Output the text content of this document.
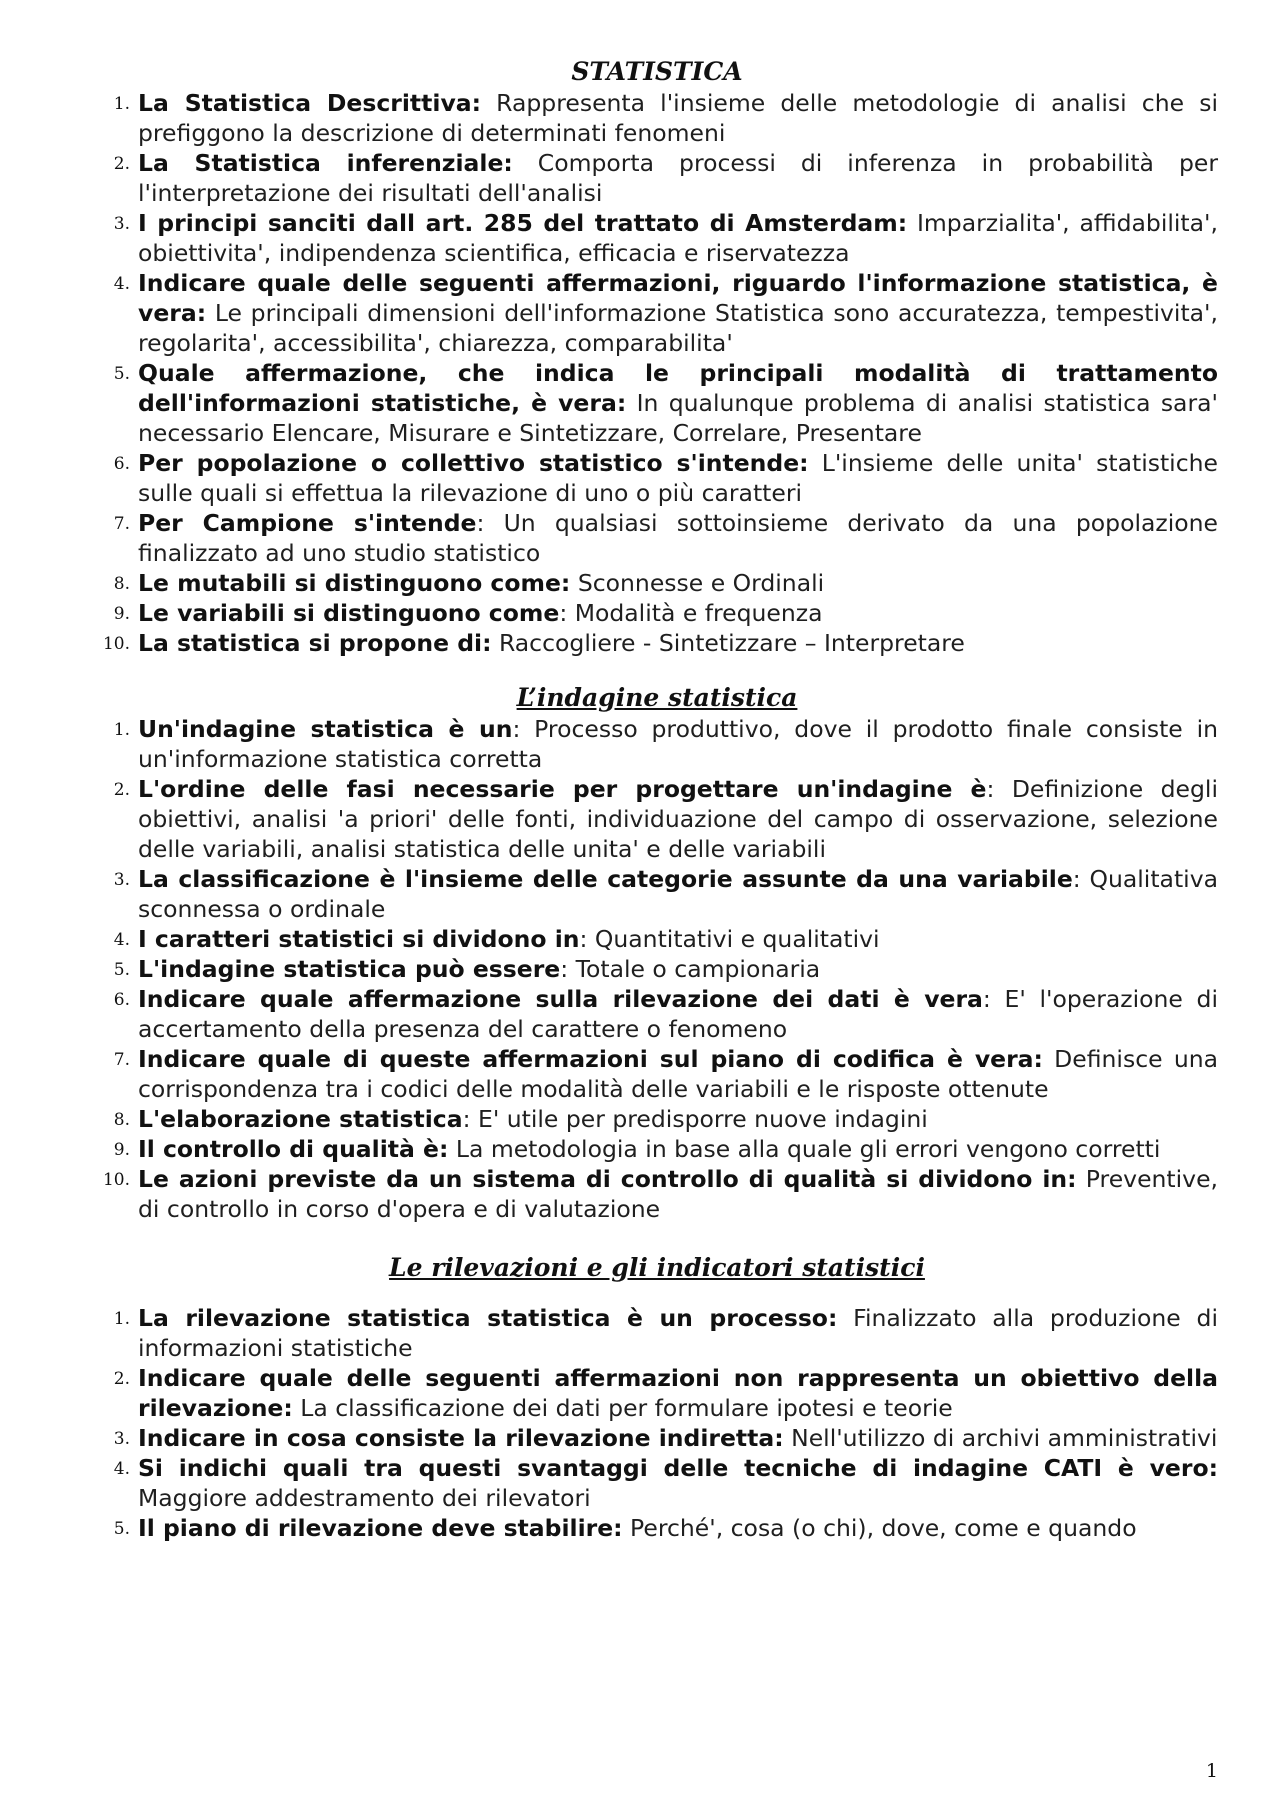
STATISTICA
1. La Statistica Descrittiva: Rappresenta l'insieme delle metodologie di analisi che si prefiggono la descrizione di determinati fenomeni
2. La Statistica inferenziale: Comporta processi di inferenza in probabilità per l'interpretazione dei risultati dell'analisi
3. I principi sanciti dall art. 285 del trattato di Amsterdam: Imparzialita', affidabilita', obiettivita', indipendenza scientifica, efficacia e riservatezza
4. Indicare quale delle seguenti affermazioni, riguardo l'informazione statistica, è vera: Le principali dimensioni dell'informazione Statistica sono accuratezza, tempestivita', regolarita', accessibilita', chiarezza, comparabilita'
5. Quale affermazione, che indica le principali modalità di trattamento dell'informazioni statistiche, è vera: In qualunque problema di analisi statistica sara' necessario Elencare, Misurare e Sintetizzare, Correlare, Presentare
6. Per popolazione o collettivo statistico s'intende: L'insieme delle unita' statistiche sulle quali si effettua la rilevazione di uno o più caratteri
7. Per Campione s'intende: Un qualsiasi sottoinsieme derivato da una popolazione finalizzato ad uno studio statistico
8. Le mutabili si distinguono come: Sconnesse e Ordinali
9. Le variabili si distinguono come: Modalità e frequenza
10. La statistica si propone di: Raccogliere - Sintetizzare – Interpretare
L’indagine statistica
1. Un'indagine statistica è un: Processo produttivo, dove il prodotto finale consiste in un'informazione statistica corretta
2. L'ordine delle fasi necessarie per progettare un'indagine è: Definizione degli obiettivi, analisi 'a priori' delle fonti, individuazione del campo di osservazione, selezione delle variabili, analisi statistica delle unita' e delle variabili
3. La classificazione è l'insieme delle categorie assunte da una variabile: Qualitativa sconnessa o ordinale
4. I caratteri statistici si dividono in: Quantitativi e qualitativi
5. L'indagine statistica può essere: Totale o campionaria
6. Indicare quale affermazione sulla rilevazione dei dati è vera: E' l'operazione di accertamento della presenza del carattere o fenomeno
7. Indicare quale di queste affermazioni sul piano di codifica è vera: Definisce una corrispondenza tra i codici delle modalità delle variabili e le risposte ottenute
8. L'elaborazione statistica: E' utile per predisporre nuove indagini
9. Il controllo di qualità è: La metodologia in base alla quale gli errori vengono corretti
10. Le azioni previste da un sistema di controllo di qualità si dividono in: Preventive, di controllo in corso d'opera e di valutazione
Le rilevazioni e gli indicatori statistici
1. La rilevazione statistica statistica è un processo: Finalizzato alla produzione di informazioni statistiche
2. Indicare quale delle seguenti affermazioni non rappresenta un obiettivo della rilevazione: La classificazione dei dati per formulare ipotesi e teorie
3. Indicare in cosa consiste la rilevazione indiretta: Nell'utilizzo di archivi amministrativi
4. Si indichi quali tra questi svantaggi delle tecniche di indagine CATI è vero: Maggiore addestramento dei rilevatori
5. Il piano di rilevazione deve stabilire: Perché', cosa (o chi), dove, come e quando
1
